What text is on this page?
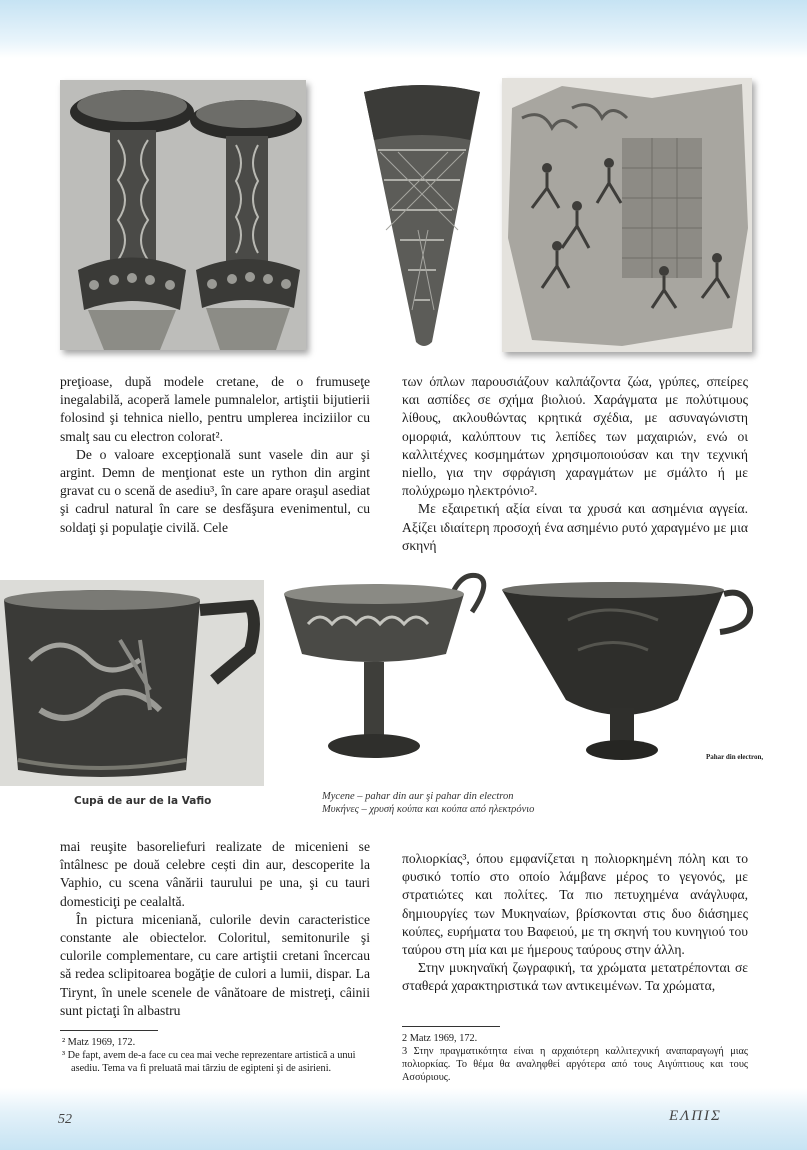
preţioase, după modele cretane, de o frumuseţe inegalabilă, acoperă lamele pumnalelor, artiştii bijutierii folosind şi tehnica niello, pentru umplerea inciziilor cu smalţ sau cu electron colorat².

De o valoare excepţională sunt vasele din aur şi argint. Demn de menţionat este un rython din argint gravat cu o scenă de asediu³, în care apare oraşul asediat şi cadrul natural în care se desfăşura evenimentul, cu soldaţi şi populaţie civilă. Cele

των όπλων παρουσιάζουν καλπάζοντα ζώα, γρύπες, σπείρες και ασπίδες σε σχήμα βιολιού. Χαράγματα με πολύτιμους λίθους, ακλουθώντας κρητικά σχέδια, με ασυναγώνιστη ομορφιά, καλύπτουν τις λεπίδες των μαχαιριών, ενώ οι καλλιτέχνες κοσμημάτων χρησιμοποιούσαν και την τεχνική niello, για την σφράγιση χαραγμάτων με σμάλτο ή με πολύχρωμο ηλεκτρόνιο².

Με εξαιρετική αξία είναι τα χρυσά και ασημένια αγγεία. Αξίζει ιδιαίτερη προσοχή ένα ασημένιο ρυτό χαραγμένο με μια σκηνή

Cupă de aur de la Vafio
Pahar din electron,
Mycene – pahar din aur şi pahar din electron
Μυκήνες – χρυσή κούπα και κούπα από ηλεκτρόνιο

mai reuşite basoreliefuri realizate de micenieni se întâlnesc pe două celebre cești din aur, descoperite la Vaphio, cu scena vânării taurului pe una, şi cu tauri domesticiţi pe cealaltă.

În pictura miceniană, culorile devin caracteristice constante ale obiectelor. Coloritul, semitonurile şi culorile complementare, cu care artiştii cretani încercau să redea sclipitoarea bogăţie de culori a lumii, dispar. La Tirynt, în unele scenele de vânătoare de mistreţi, câinii sunt pictaţi în albastru

πολιορκίας³, όπου εμφανίζεται η πολιορκημένη πόλη και το φυσικό τοπίο στο οποίο λάμβανε μέρος το γεγονός, με στρατιώτες και πολίτες. Τα πιο πετυχημένα ανάγλυφα, δημιουργίες των Μυκηναίων, βρίσκονται στις δυο διάσημες κούπες, ευρήματα του Βαφειού, με τη σκηνή του κυνηγιού του ταύρου στη μία και με ήμερους ταύρους στην άλλη.

Στην μυκηναϊκή ζωγραφική, τα χρώματα μετατρέπονται σε σταθερά χαρακτηριστικά των αντικειμένων. Τα χρώματα,

² Matz 1969, 172.

³ De fapt, avem de-a face cu cea mai veche reprezentare artistică a unui asediu. Tema va fi preluată mai târziu de egipteni şi de asirieni.

2 Matz 1969, 172.

3 Στην πραγματικότητα είναι η αρχαιότερη καλλιτεχνική αναπαραγωγή μιας πολιορκίας. Το θέμα θα αναληφθεί αργότερα από τους Αιγύπτιους και τους Ασσύριους.

52	ΕΛΠΙΣ
